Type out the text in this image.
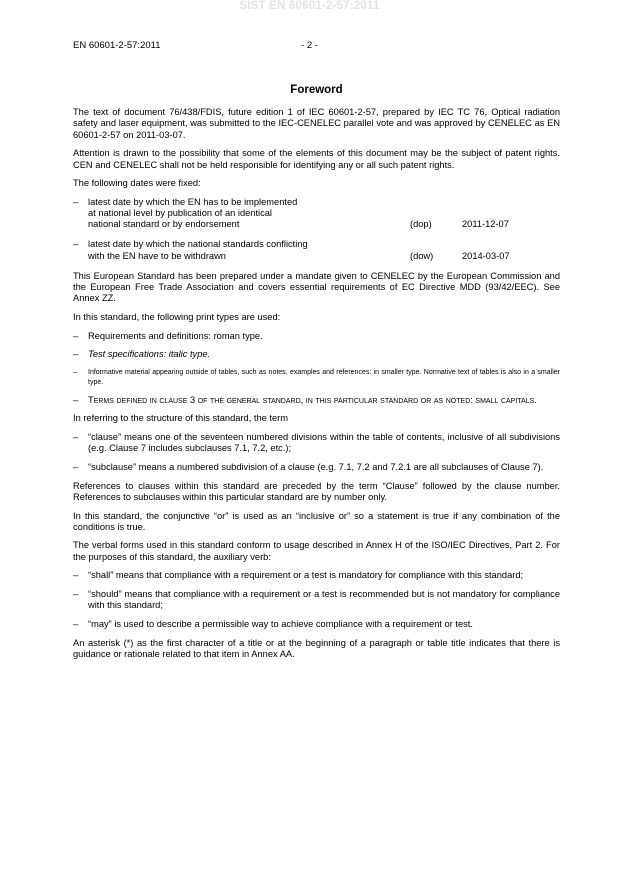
SIST EN 60601-2-57:2011
EN 60601-2-57:2011	- 2 -
Foreword

The text of document 76/438/FDIS, future edition 1 of IEC 60601-2-57, prepared by IEC TC 76, Optical radiation safety and laser equipment, was submitted to the IEC-CENELEC parallel vote and was approved by CENELEC as EN 60601-2-57 on 2011-03-07.

Attention is drawn to the possibility that some of the elements of this document may be the subject of patent rights. CEN and CENELEC shall not be held responsible for identifying any or all such patent rights.

The following dates were fixed:

– latest date by which the EN has to be implemented
at national level by publication of an identical
national standard or by endorsement	(dop)	2011-12-07
– latest date by which the national standards conflicting
with the EN have to be withdrawn	(dow)	2014-03-07

This European Standard has been prepared under a mandate given to CENELEC by the European Commission and the European Free Trade Association and covers essential requirements of EC Directive MDD (93/42/EEC). See Annex ZZ.

In this standard, the following print types are used:

– Requirements and definitions: roman type.
– Test specifications: italic type.
– Informative material appearing outside of tables, such as notes, examples and references: in smaller type. Normative text of tables is also in a smaller type.
– Terms defined in clause 3 of the general standard, in this particular standard or as noted: small capitals.

In referring to the structure of this standard, the term

– “clause” means one of the seventeen numbered divisions within the table of contents, inclusive of all subdivisions (e.g. Clause 7 includes subclauses 7.1, 7.2, etc.);
– “subclause” means a numbered subdivision of a clause (e.g. 7.1, 7.2 and 7.2.1 are all subclauses of Clause 7).

References to clauses within this standard are preceded by the term “Clause” followed by the clause number. References to subclauses within this particular standard are by number only.

In this standard, the conjunctive “or” is used as an “inclusive or” so a statement is true if any combination of the conditions is true.

The verbal forms used in this standard conform to usage described in Annex H of the ISO/IEC Directives, Part 2. For the purposes of this standard, the auxiliary verb:

– “shall” means that compliance with a requirement or a test is mandatory for compliance with this standard;
– “should” means that compliance with a requirement or a test is recommended but is not mandatory for compliance with this standard;
– “may” is used to describe a permissible way to achieve compliance with a requirement or test.

An asterisk (*) as the first character of a title or at the beginning of a paragraph or table title indicates that there is guidance or rationale related to that item in Annex AA.
